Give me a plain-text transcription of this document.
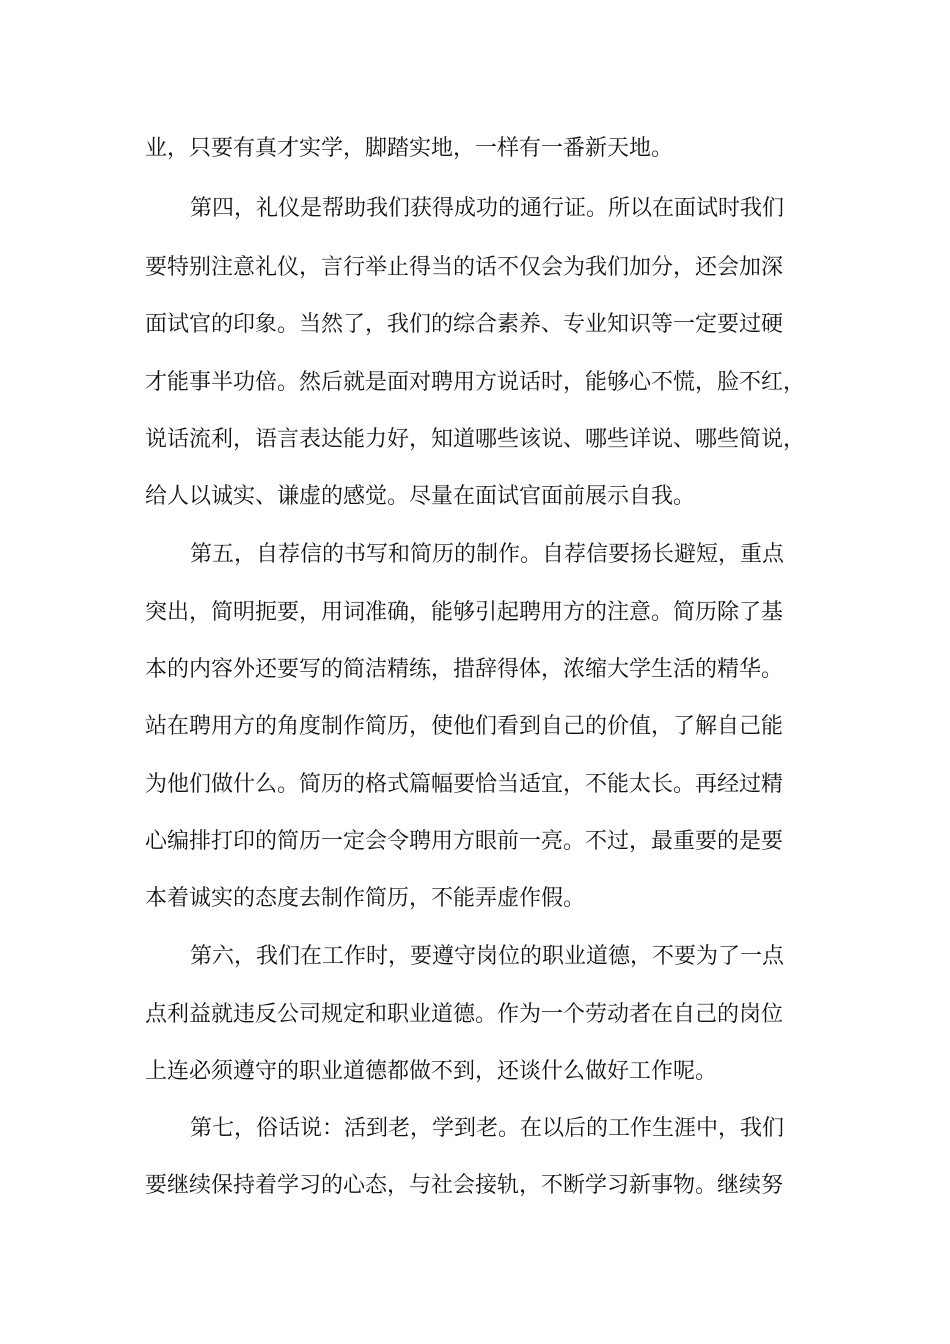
业，只要有真才实学，脚踏实地，一样有一番新天地。
第四，礼仪是帮助我们获得成功的通行证。所以在面试时我们
要特别注意礼仪，言行举止得当的话不仅会为我们加分，还会加深
面试官的印象。当然了，我们的综合素养、专业知识等一定要过硬
才能事半功倍。然后就是面对聘用方说话时，能够心不慌，脸不红，
说话流利，语言表达能力好，知道哪些该说、哪些详说、哪些简说，
给人以诚实、谦虚的感觉。尽量在面试官面前展示自我。
第五，自荐信的书写和简历的制作。自荐信要扬长避短，重点
突出，简明扼要，用词准确，能够引起聘用方的注意。简历除了基
本的内容外还要写的简洁精练，措辞得体，浓缩大学生活的精华。
站在聘用方的角度制作简历，使他们看到自己的价值，了解自己能
为他们做什么。简历的格式篇幅要恰当适宜，不能太长。再经过精
心编排打印的简历一定会令聘用方眼前一亮。不过，最重要的是要
本着诚实的态度去制作简历，不能弄虚作假。
第六，我们在工作时，要遵守岗位的职业道德，不要为了一点
点利益就违反公司规定和职业道德。作为一个劳动者在自己的岗位
上连必须遵守的职业道德都做不到，还谈什么做好工作呢。
第七，俗话说：活到老，学到老。在以后的工作生涯中，我们
要继续保持着学习的心态，与社会接轨，不断学习新事物。继续努
